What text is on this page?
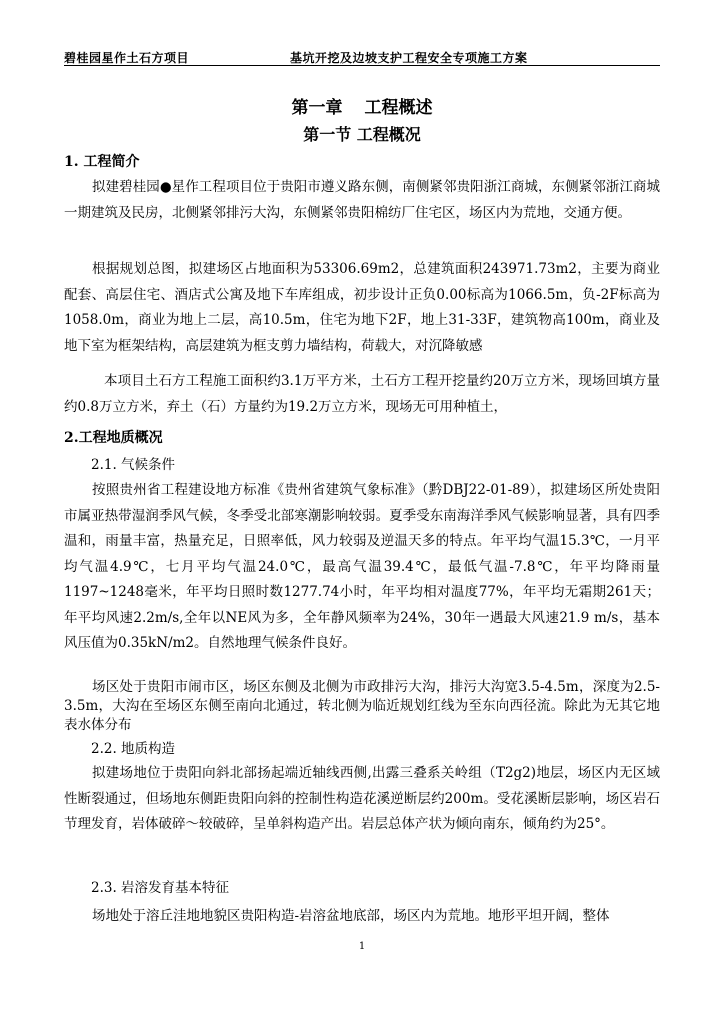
碧桂园星作土石方项目	基坑开挖及边坡支护工程安全专项施工方案
第一章 工程概述
第一节 工程概况
1. 工程简介

拟建碧桂园●星作工程项目位于贵阳市遵义路东侧，南侧紧邻贵阳浙江商城，东侧紧邻浙江商城一期建筑及民房，北侧紧邻排污大沟，东侧紧邻贵阳棉纺厂住宅区，场区内为荒地，交通方便。

根据规划总图，拟建场区占地面积为53306.69m2，总建筑面积243971.73m2，主要为商业配套、高层住宅、酒店式公寓及地下车库组成，初步设计正负0.00标高为1066.5m，负-2F标高为1058.0m，商业为地上二层，高10.5m，住宅为地下2F，地上31-33F，建筑物高100m，商业及地下室为框架结构，高层建筑为框支剪力墙结构，荷载大，对沉降敏感

本项目土石方工程施工面积约3.1万平方米，土石方工程开挖量约20万立方米，现场回填方量约0.8万立方米，弃土（石）方量约为19.2万立方米，现场无可用种植土，

2.工程地质概况
2.1. 气候条件

按照贵州省工程建设地方标准《贵州省建筑气象标准》（黔DBJ22-01-89），拟建场区所处贵阳市属亚热带湿润季风气候，冬季受北部寒潮影响较弱。夏季受东南海洋季风气候影响显著，具有四季温和，雨量丰富，热量充足，日照率低，风力较弱及逆温天多的特点。年平均气温15.3℃，一月平均气温4.9℃，七月平均气温24.0℃，最高气温39.4℃，最低气温-7.8℃，年平均降雨量1197~1248毫米，年平均日照时数1277.74小时，年平均相对温度77%，年平均无霜期261天；年平均风速2.2m/s,全年以NE风为多，全年静风频率为24%，30年一遇最大风速21.9 m/s，基本风压值为0.35kN/m2。自然地理气候条件良好。

场区处于贵阳市闹市区，场区东侧及北侧为市政排污大沟，排污大沟宽3.5-4.5m，深度为2.5-3.5m，大沟在至场区东侧至南向北通过，转北侧为临近规划红线为至东向西径流。除此为无其它地表水体分布

2.2. 地质构造

拟建场地位于贵阳向斜北部扬起端近轴线西侧,出露三叠系关岭组（T2g2)地层，场区内无区域性断裂通过，但场地东侧距贵阳向斜的控制性构造花溪逆断层约200m。受花溪断层影响，场区岩石节理发育，岩体破碎～较破碎，呈单斜构造产出。岩层总体产状为倾向南东，倾角约为25°。

2.3. 岩溶发育基本特征

场地处于溶丘洼地地貌区贵阳构造-岩溶盆地底部，场区内为荒地。地形平坦开阔，整体

1
